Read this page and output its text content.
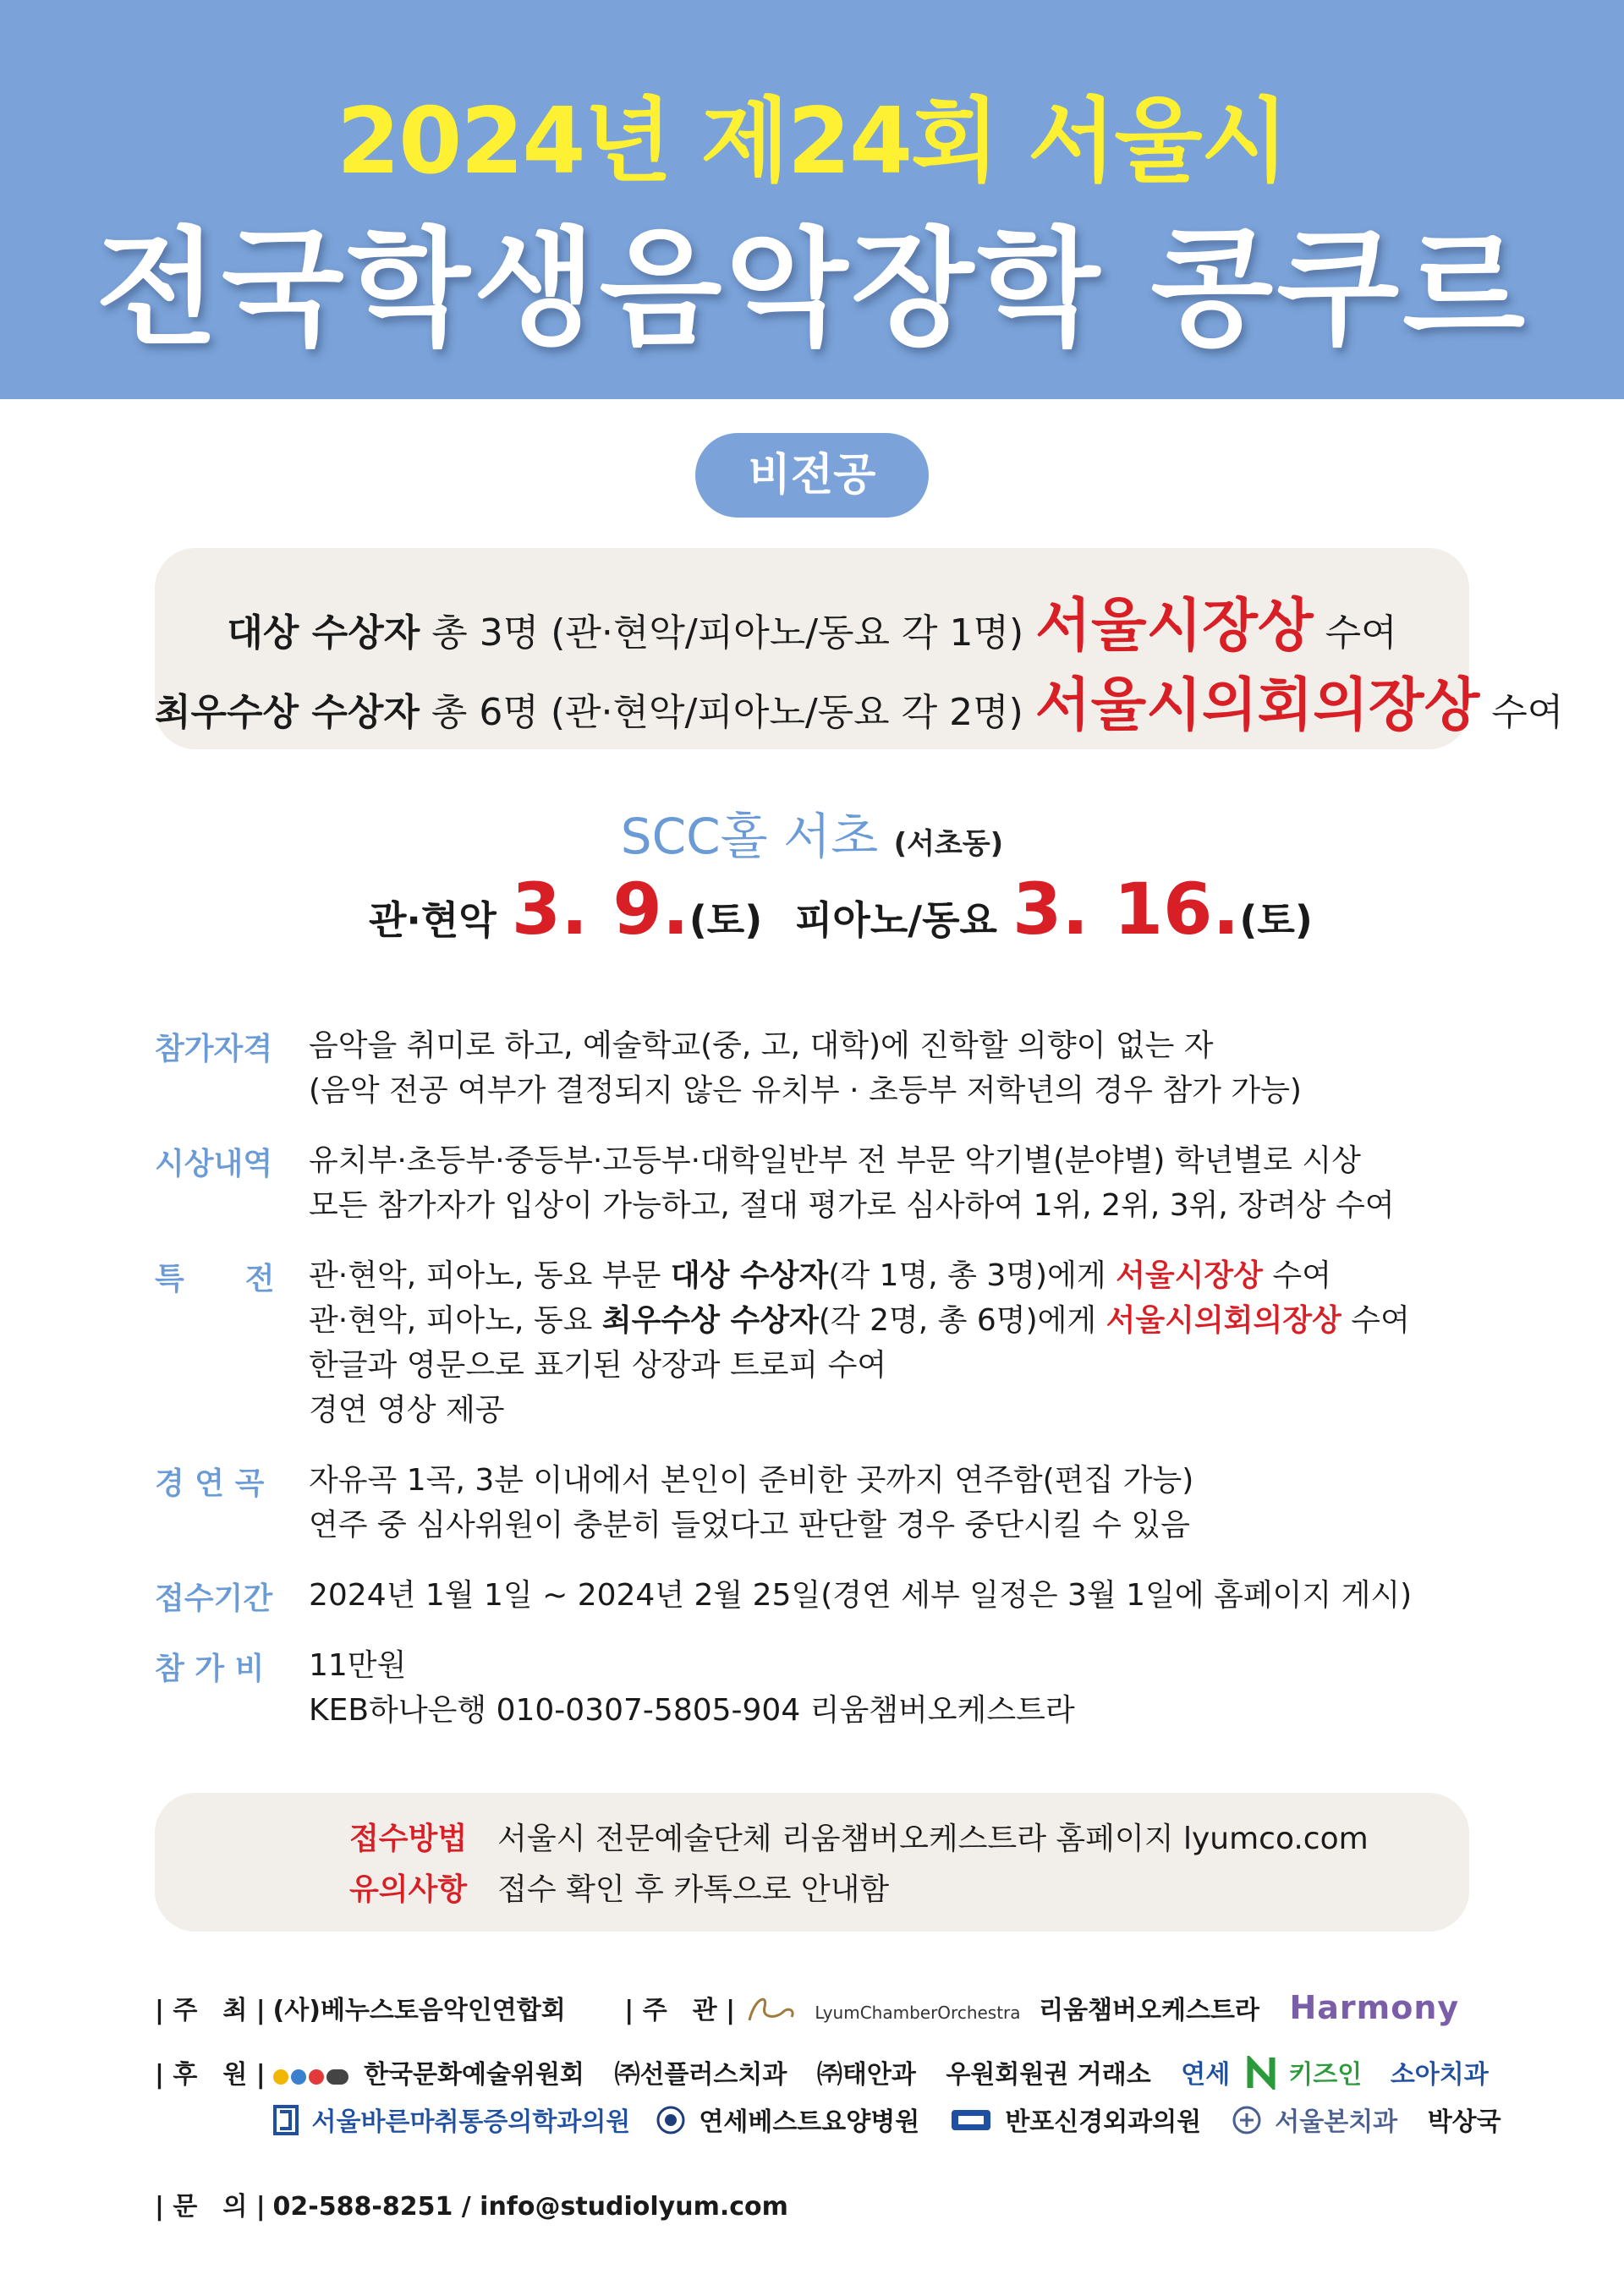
2024년 제24회 서울시
전국학생음악장학 콩쿠르
비전공
대상 수상자 총 3명 (관·현악/피아노/동요 각 1명) 서울시장상 수여
최우수상 수상자 총 6명 (관·현악/피아노/동요 각 2명) 서울시의회의장상 수여
SCC홀 서초 (서초동)
관·현악 3. 9.(토) 피아노/동요 3. 16.(토)
참가자격	음악을 취미로 하고, 예술학교(중, 고, 대학)에 진학할 의향이 없는 자
(음악 전공 여부가 결정되지 않은 유치부 · 초등부 저학년의 경우 참가 가능)
시상내역	유치부·초등부·중등부·고등부·대학일반부 전 부문 악기별(분야별) 학년별로 시상
모든 참가자가 입상이 가능하고, 절대 평가로 심사하여 1위, 2위, 3위, 장려상 수여
특　　전	관·현악, 피아노, 동요 부문 대상 수상자(각 1명, 총 3명)에게 서울시장상 수여
관·현악, 피아노, 동요 최우수상 수상자(각 2명, 총 6명)에게 서울시의회의장상 수여
한글과 영문으로 표기된 상장과 트로피 수여
경연 영상 제공
경 연 곡	자유곡 1곡, 3분 이내에서 본인이 준비한 곳까지 연주함(편집 가능)
연주 중 심사위원이 충분히 들었다고 판단할 경우 중단시킬 수 있음
접수기간	2024년 1월 1일 ~ 2024년 2월 25일(경연 세부 일정은 3월 1일에 홈페이지 게시)
참 가 비	11만원
KEB하나은행 010-0307-5805-904 리움챔버오케스트라
접수방법 서울시 전문예술단체 리움챔버오케스트라 홈페이지 lyumco.com
유의사항 접수 확인 후 카톡으로 안내함
| 주　최 | (사)베누스토음악인연합회 | 주　관 |	LyumChamberOrchestra 리움챔버오케스트라 Harmony
| 후　원 |	한국문화예술위원회 ㈜선플러스치과 ㈜태안과 우원회원권 거래소 연세 키즈인 소아치과
서울바른마취통증의학과의원	연세베스트요양병원	반포신경외과의원	서울본치과 박상국
| 문　의 | 02-588-8251 / info@studiolyum.com
